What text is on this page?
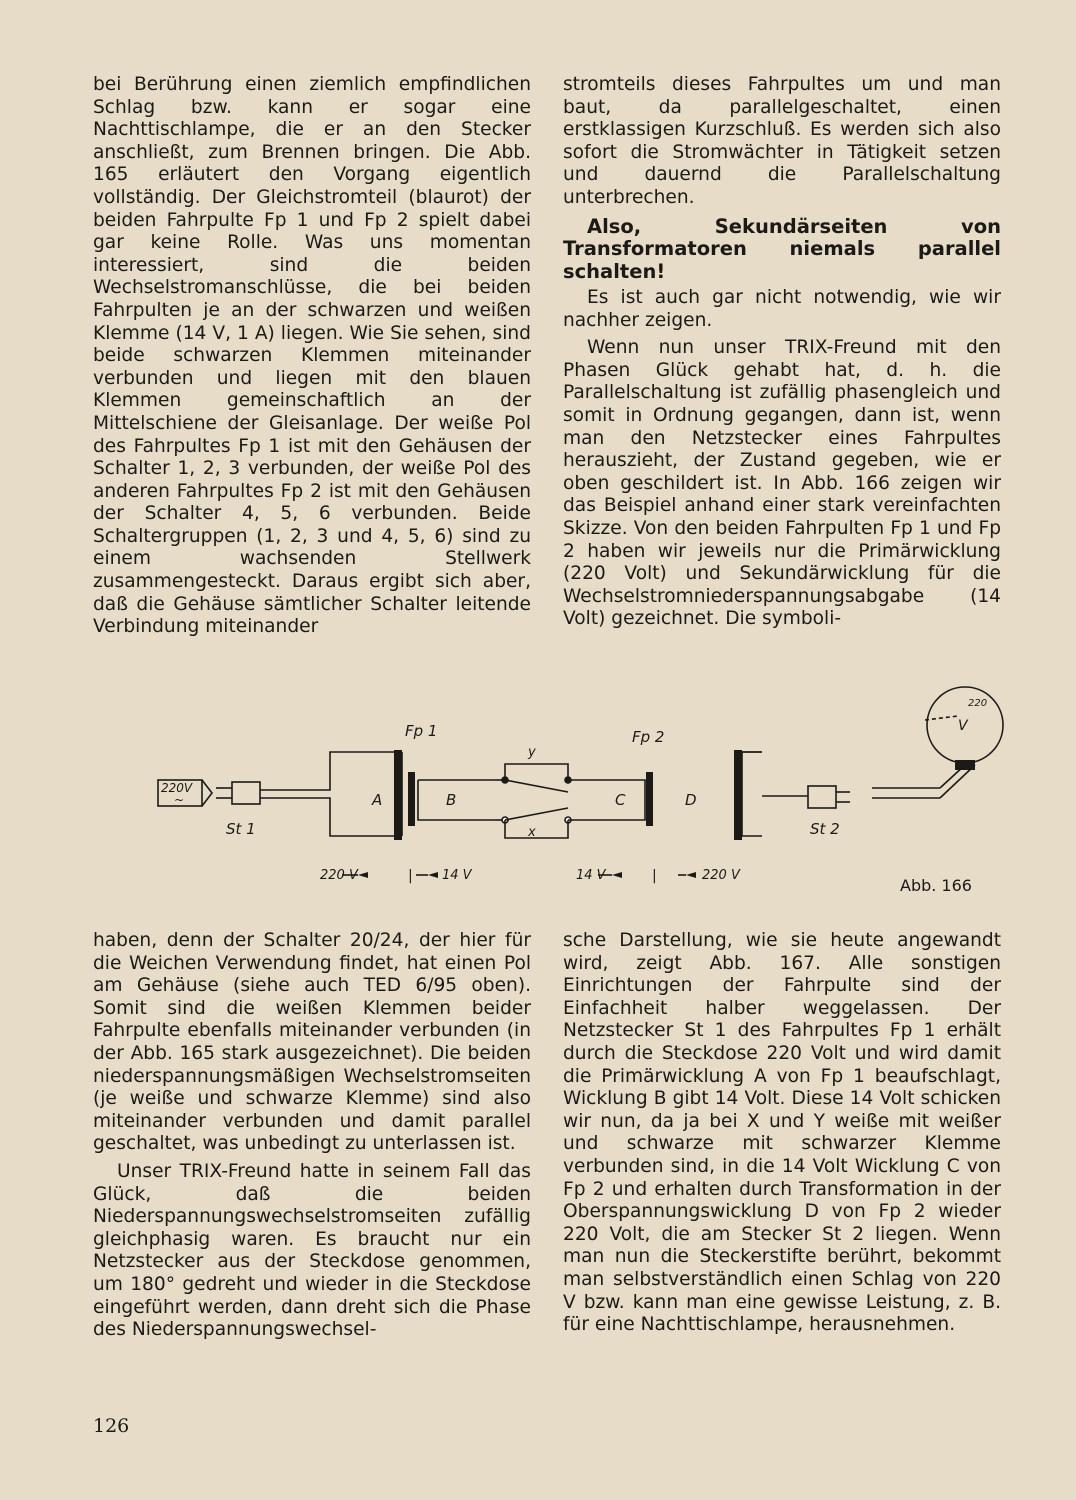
bei Berührung einen ziemlich empfindlichen Schlag bzw. kann er sogar eine Nachttischlampe, die er an den Stecker anschließt, zum Brennen bringen. Die Abb. 165 erläutert den Vorgang eigentlich vollständig. Der Gleichstromteil (blaurot) der beiden Fahrpulte Fp 1 und Fp 2 spielt dabei gar keine Rolle. Was uns momentan interessiert, sind die beiden Wechselstromanschlüsse, die bei beiden Fahrpulten je an der schwarzen und weißen Klemme (14 V, 1 A) liegen. Wie Sie sehen, sind beide schwarzen Klemmen miteinander verbunden und liegen mit den blauen Klemmen gemeinschaftlich an der Mittelschiene der Gleisanlage. Der weiße Pol des Fahrpultes Fp 1 ist mit den Gehäusen der Schalter 1, 2, 3 verbunden, der weiße Pol des anderen Fahrpultes Fp 2 ist mit den Gehäusen der Schalter 4, 5, 6 verbunden. Beide Schaltergruppen (1, 2, 3 und 4, 5, 6) sind zu einem wachsenden Stellwerk zusammengesteckt. Daraus ergibt sich aber, daß die Gehäuse sämtlicher Schalter leitende Verbindung miteinander

stromteils dieses Fahrpultes um und man baut, da parallelgeschaltet, einen erstklassigen Kurzschluß. Es werden sich also sofort die Stromwächter in Tätigkeit setzen und dauernd die Parallelschaltung unterbrechen.

Also, Sekundärseiten von Transformatoren niemals parallel schalten!

Es ist auch gar nicht notwendig, wie wir nachher zeigen.

Wenn nun unser TRIX-Freund mit den Phasen Glück gehabt hat, d. h. die Parallelschaltung ist zufällig phasengleich und somit in Ordnung gegangen, dann ist, wenn man den Netzstecker eines Fahrpultes herauszieht, der Zustand gegeben, wie er oben geschildert ist. In Abb. 166 zeigen wir das Beispiel anhand einer stark vereinfachten Skizze. Von den beiden Fahrpulten Fp 1 und Fp 2 haben wir jeweils nur die Primärwicklung (220 Volt) und Sekundärwicklung für die Wechselstromniederspannungsabgabe (14 Volt) gezeichnet. Die symboli-

Fp 1	Fp 2
A	B	C	D
St 1	St 2
x
y
220V
~
V
220
220 V	| 14 V	14 V	|	220 V
Abb. 166

haben, denn der Schalter 20/24, der hier für die Weichen Verwendung findet, hat einen Pol am Gehäuse (siehe auch TED 6/95 oben). Somit sind die weißen Klemmen beider Fahrpulte ebenfalls miteinander verbunden (in der Abb. 165 stark ausgezeichnet). Die beiden niederspannungsmäßigen Wechselstromseiten (je weiße und schwarze Klemme) sind also miteinander verbunden und damit parallel geschaltet, was unbedingt zu unterlassen ist.

Unser TRIX-Freund hatte in seinem Fall das Glück, daß die beiden Niederspannungswechselstromseiten zufällig gleichphasig waren. Es braucht nur ein Netzstecker aus der Steckdose genommen, um 180° gedreht und wieder in die Steckdose eingeführt werden, dann dreht sich die Phase des Niederspannungswechsel-

sche Darstellung, wie sie heute angewandt wird, zeigt Abb. 167. Alle sonstigen Einrichtungen der Fahrpulte sind der Einfachheit halber weggelassen. Der Netzstecker St 1 des Fahrpultes Fp 1 erhält durch die Steckdose 220 Volt und wird damit die Primärwicklung A von Fp 1 beaufschlagt, Wicklung B gibt 14 Volt. Diese 14 Volt schicken wir nun, da ja bei X und Y weiße mit weißer und schwarze mit schwarzer Klemme verbunden sind, in die 14 Volt Wicklung C von Fp 2 und erhalten durch Transformation in der Oberspannungswicklung D von Fp 2 wieder 220 Volt, die am Stecker St 2 liegen. Wenn man nun die Steckerstifte berührt, bekommt man selbstverständlich einen Schlag von 220 V bzw. kann man eine gewisse Leistung, z. B. für eine Nachttischlampe, herausnehmen.

126
